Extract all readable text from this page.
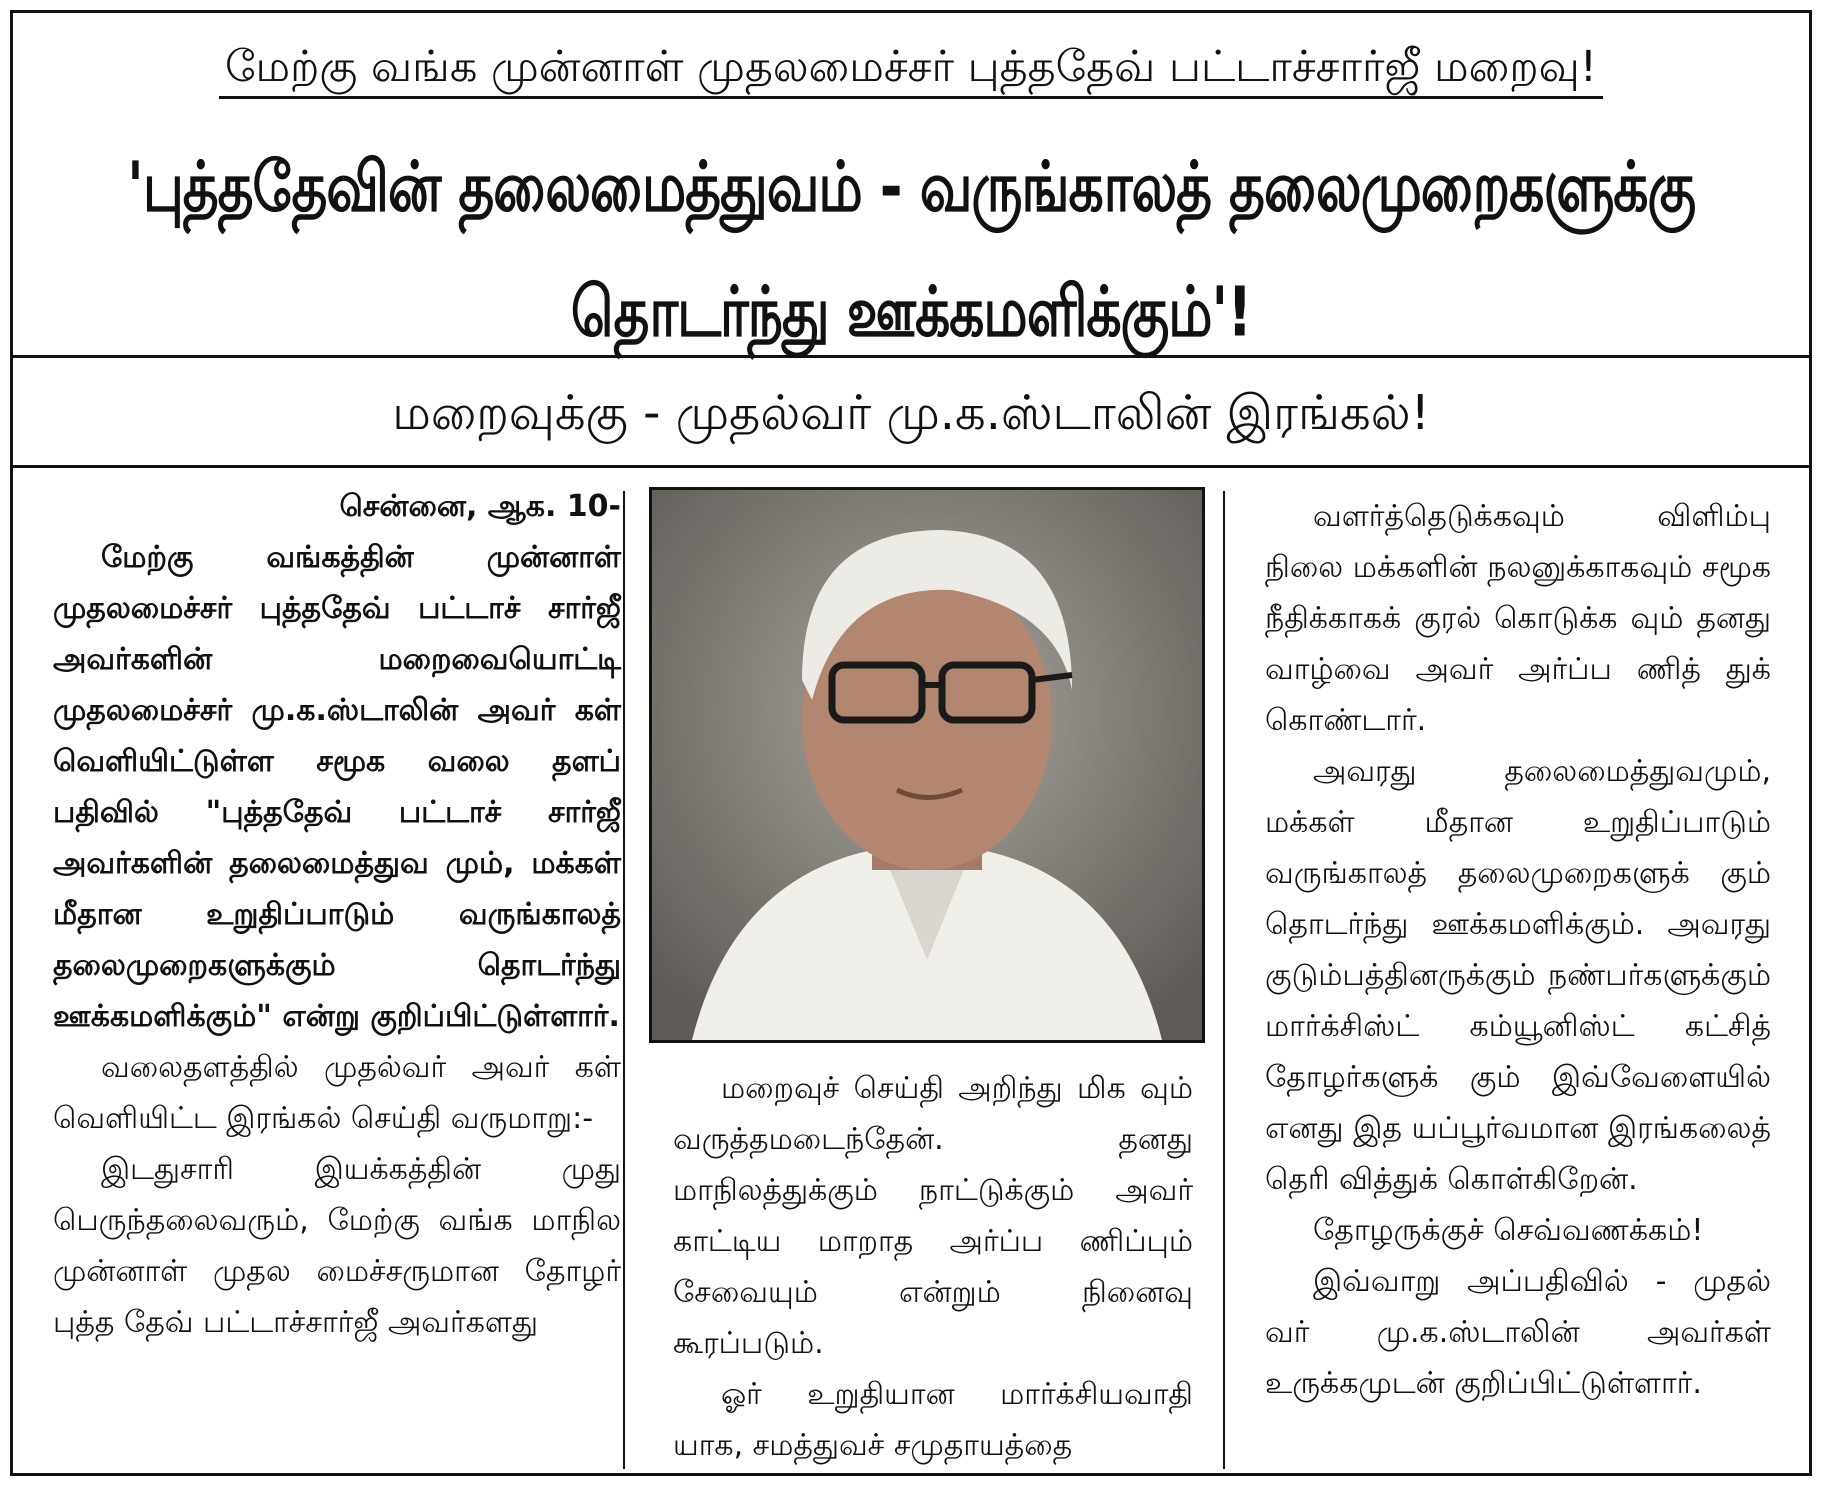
மேற்கு வங்க முன்னாள் முதலமைச்சர் புத்ததேவ் பட்டாச்சார்ஜீ மறைவு!
'புத்ததேவின் தலைமைத்துவம் - வருங்காலத் தலைமுறைகளுக்கு தொடர்ந்து ஊக்கமளிக்கும்'!
மறைவுக்கு - முதல்வர் மு.க.ஸ்டாலின் இரங்கல்!

சென்னை, ஆக. 10-

மேற்கு வங்கத்தின் முன்னாள் முதலமைச்சர் புத்ததேவ் பட்டாச் சார்ஜீ அவர்களின் மறைவையொட்டி முதலமைச்சர் மு.க.ஸ்டாலின் அவர் கள் வெளியிட்டுள்ள சமூக வலை தளப் பதிவில் "புத்ததேவ் பட்டாச் சார்ஜீ அவர்களின் தலைமைத்துவ மும், மக்கள் மீதான உறுதிப்பாடும் வருங்காலத் தலைமுறைகளுக்கும் தொடர்ந்து ஊக்கமளிக்கும்" என்று குறிப்பிட்டுள்ளார்.

வலைதளத்தில் முதல்வர் அவர் கள் வெளியிட்ட இரங்கல் செய்தி வருமாறு:-

இடதுசாரி இயக்கத்தின் முது பெருந்தலைவரும், மேற்கு வங்க மாநில முன்னாள் முதல மைச்சருமான தோழர் புத்த தேவ் பட்டாச்சார்ஜீ அவர்களது

மறைவுச் செய்தி அறிந்து மிக வும் வருத்தமடைந்தேன். தனது மாநிலத்துக்கும் நாட்டுக்கும் அவர் காட்டிய மாறாத அர்ப்ப ணிப்பும் சேவையும் என்றும் நினைவு கூரப்படும்.

ஓர் உறுதியான மார்க்சியவாதி யாக, சமத்துவச் சமுதாயத்தை

வளர்த்தெடுக்கவும் விளிம்பு நிலை மக்களின் நலனுக்காகவும் சமூக நீதிக்காகக் குரல் கொடுக்க வும் தனது வாழ்வை அவர் அர்ப்ப ணித் துக் கொண்டார்.

அவரது தலைமைத்துவமும், மக்கள் மீதான உறுதிப்பாடும் வருங்காலத் தலைமுறைகளுக் கும் தொடர்ந்து ஊக்கமளிக்கும். அவரது குடும்பத்தினருக்கும் நண்பர்களுக்கும் மார்க்சிஸ்ட் கம்யூனிஸ்ட் கட்சித் தோழர்களுக் கும் இவ்வேளையில் எனது இத யப்பூர்வமான இரங்கலைத் தெரி வித்துக் கொள்கிறேன்.

தோழருக்குச் செவ்வணக்கம்!

இவ்வாறு அப்பதிவில் - முதல் வர் மு.க.ஸ்டாலின் அவர்கள் உருக்கமுடன் குறிப்பிட்டுள்ளார்.
